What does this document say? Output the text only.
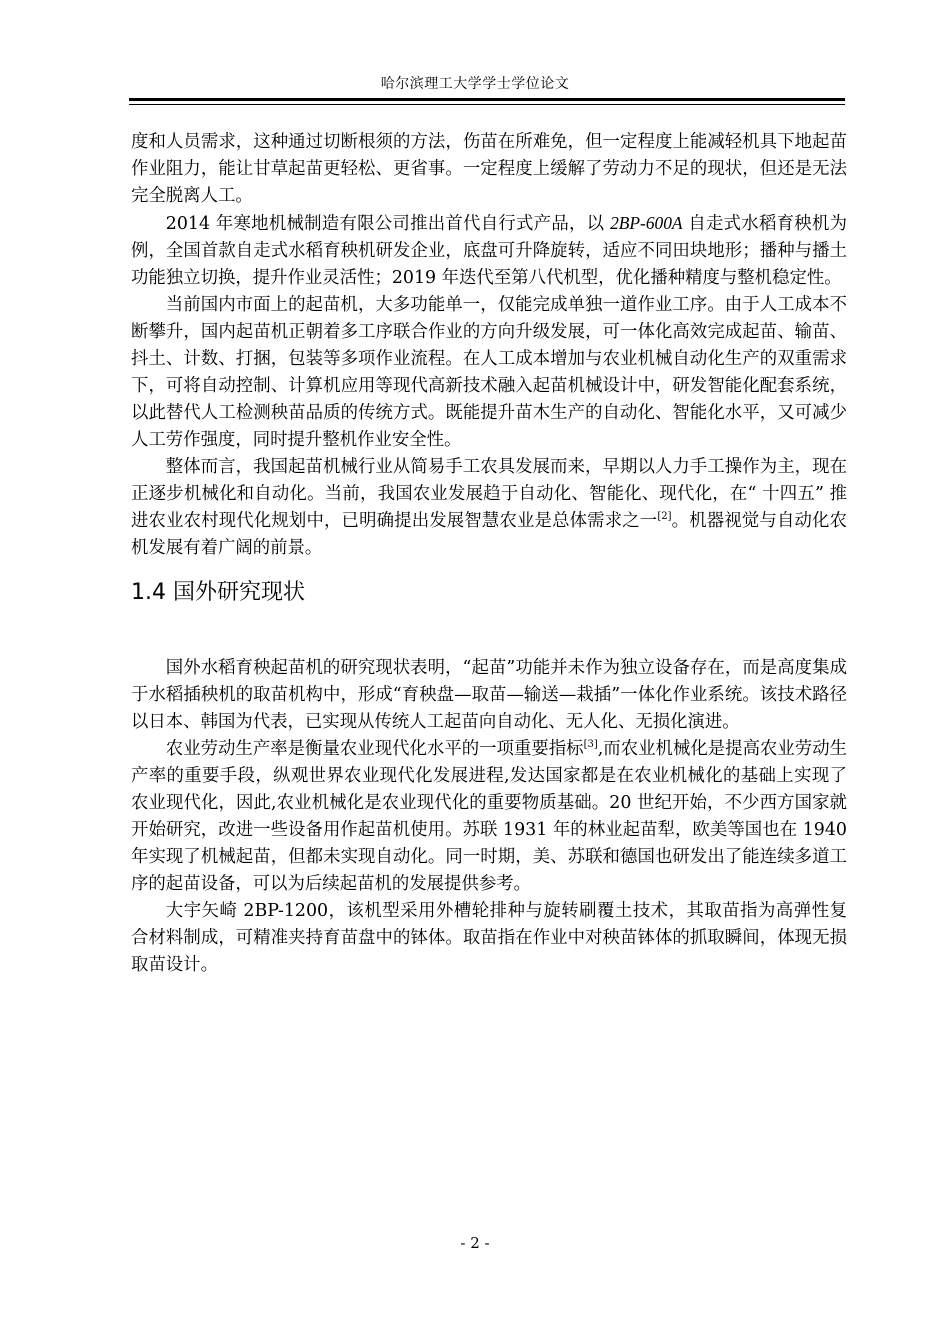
哈尔滨理工大学学士学位论文

度和人员需求，这种通过切断根须的方法，伤苗在所难免，但一定程度上能减轻机具下地起苗作业阻力，能让甘草起苗更轻松、更省事。一定程度上缓解了劳动力不足的现状，但还是无法完全脱离人工。

2014 年寒地机械制造有限公司推出首代自行式产品，以 2BP-600A 自走式水稻育秧机为例，全国首款自走式水稻育秧机研发企业，底盘可升降旋转，适应不同田块地形；播种与播土功能独立切换，提升作业灵活性；2019 年迭代至第八代机型，优化播种精度与整机稳定性。

当前国内市面上的起苗机，大多功能单一，仅能完成单独一道作业工序。由于人工成本不断攀升，国内起苗机正朝着多工序联合作业的方向升级发展，可一体化高效完成起苗、输苗、抖土、计数、打捆，包装等多项作业流程。在人工成本增加与农业机械自动化生产的双重需求下，可将自动控制、计算机应用等现代高新技术融入起苗机械设计中，研发智能化配套系统，以此替代人工检测秧苗品质的传统方式。既能提升苗木生产的自动化、智能化水平，又可减少人工劳作强度，同时提升整机作业安全性。

整体而言，我国起苗机械行业从简易手工农具发展而来，早期以人力手工操作为主，现在正逐步机械化和自动化。当前，我国农业发展趋于自动化、智能化、现代化，在“ 十四五” 推进农业农村现代化规划中，已明确提出发展智慧农业是总体需求之一[2]。机器视觉与自动化农机发展有着广阔的前景。

1.4 国外研究现状

国外水稻育秧起苗机的研究现状表明，“起苗”功能并未作为独立设备存在，而是高度集成于水稻插秧机的取苗机构中，形成“育秧盘—取苗—输送—栽插”一体化作业系统。该技术路径以日本、韩国为代表，已实现从传统人工起苗向自动化、无人化、无损化演进。

农业劳动生产率是衡量农业现代化水平的一项重要指标[3],而农业机械化是提高农业劳动生产率的重要手段，纵观世界农业现代化发展进程,发达国家都是在农业机械化的基础上实现了农业现代化，因此,农业机械化是农业现代化的重要物质基础。20 世纪开始，不少西方国家就开始研究，改进一些设备用作起苗机使用。苏联 1931 年的林业起苗犁，欧美等国也在 1940 年实现了机械起苗，但都未实现自动化。同一时期，美、苏联和德国也研发出了能连续多道工序的起苗设备，可以为后续起苗机的发展提供参考。

大宇矢崎 2BP-1200，该机型采用外槽轮排种与旋转刷覆土技术，其取苗指为高弹性复合材料制成，可精准夹持育苗盘中的钵体。取苗指在作业中对秧苗钵体的抓取瞬间，体现无损取苗设计。

- 2 -
